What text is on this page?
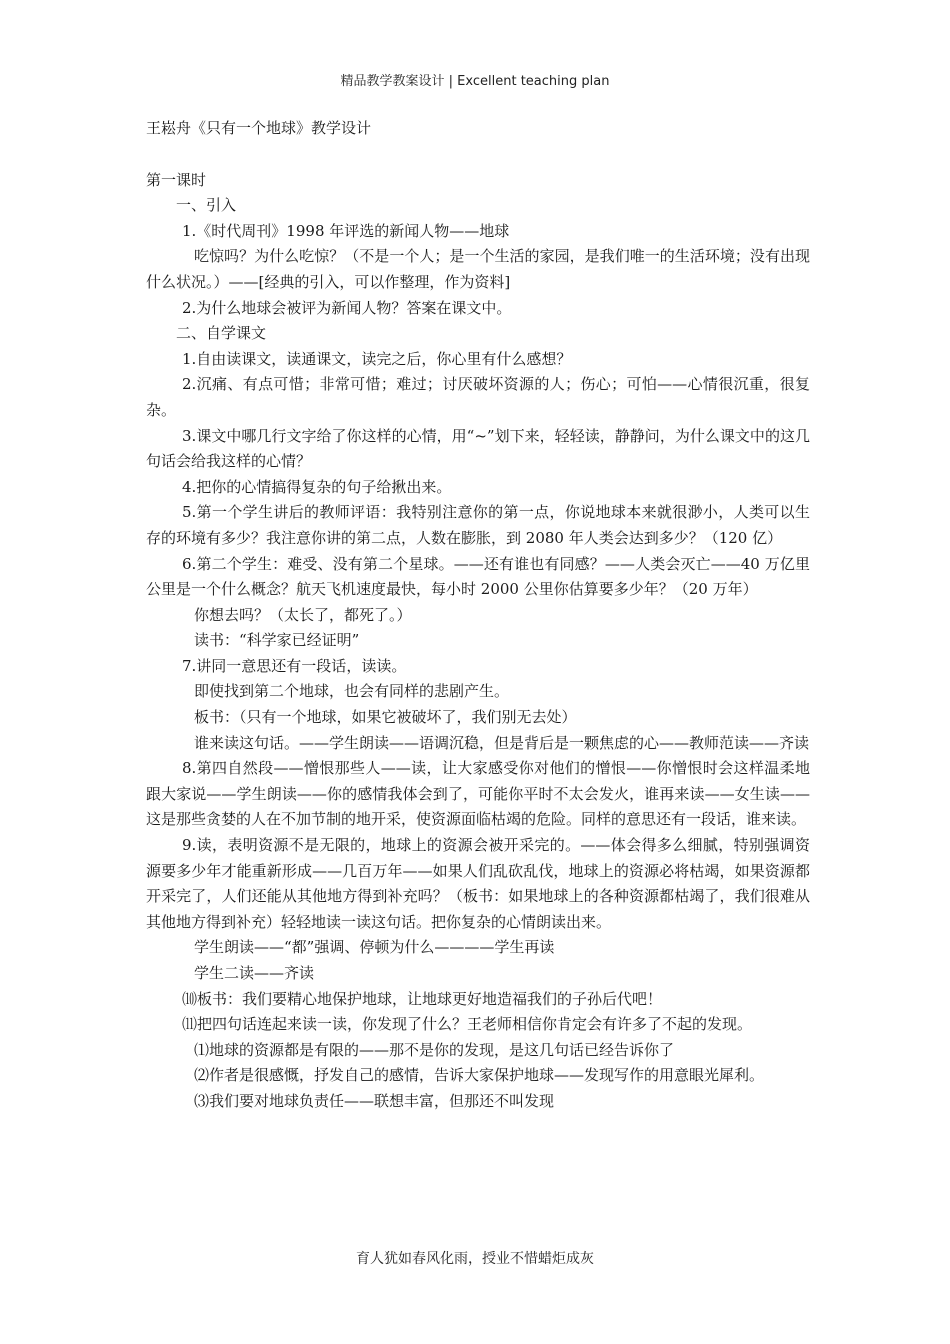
精品教学教案设计 | Excellent teaching plan

王崧舟《只有一个地球》教学设计

第一课时

一、引入

1.《时代周刊》1998 年评选的新闻人物——地球

吃惊吗？为什么吃惊？（不是一个人；是一个生活的家园，是我们唯一的生活环境；没有出现什么状况。）——[经典的引入，可以作整理，作为资料]

2.为什么地球会被评为新闻人物？答案在课文中。

二、自学课文

1.自由读课文，读通课文，读完之后，你心里有什么感想？

2.沉痛、有点可惜；非常可惜；难过；讨厌破坏资源的人；伤心；可怕——心情很沉重，很复杂。

3.课文中哪几行文字给了你这样的心情，用“~”划下来，轻轻读，静静问，为什么课文中的这几句话会给我这样的心情？

4.把你的心情搞得复杂的句子给揪出来。

5.第一个学生讲后的教师评语：我特别注意你的第一点，你说地球本来就很渺小，人类可以生存的环境有多少？我注意你讲的第二点，人数在膨胀，到 2080 年人类会达到多少？（120 亿）

6.第二个学生：难受、没有第二个星球。——还有谁也有同感？——人类会灭亡——40 万亿里公里是一个什么概念？航天飞机速度最快，每小时 2000 公里你估算要多少年？（20 万年）

你想去吗？（太长了，都死了。）

读书：“科学家已经证明”

7.讲同一意思还有一段话，读读。

即使找到第二个地球，也会有同样的悲剧产生。

板书：（只有一个地球，如果它被破坏了，我们别无去处）

谁来读这句话。——学生朗读——语调沉稳，但是背后是一颗焦虑的心——教师范读——齐读

8.第四自然段——憎恨那些人——读，让大家感受你对他们的憎恨——你憎恨时会这样温柔地跟大家说——学生朗读——你的感情我体会到了，可能你平时不太会发火，谁再来读——女生读——这是那些贪婪的人在不加节制的地开采，使资源面临枯竭的危险。同样的意思还有一段话，谁来读。

9.读，表明资源不是无限的，地球上的资源会被开采完的。——体会得多么细腻，特别强调资源要多少年才能重新形成——几百万年——如果人们乱砍乱伐，地球上的资源必将枯竭，如果资源都开采完了，人们还能从其他地方得到补充吗？（板书：如果地球上的各种资源都枯竭了，我们很难从其他地方得到补充）轻轻地读一读这句话。把你复杂的心情朗读出来。

学生朗读——“都”强调、停顿为什么————学生再读

学生二读——齐读

⑽板书：我们要精心地保护地球，让地球更好地造福我们的子孙后代吧！

⑾把四句话连起来读一读，你发现了什么？王老师相信你肯定会有许多了不起的发现。

⑴地球的资源都是有限的——那不是你的发现，是这几句话已经告诉你了

⑵作者是很感慨，抒发自己的感情，告诉大家保护地球——发现写作的用意眼光犀利。

⑶我们要对地球负责任——联想丰富，但那还不叫发现

育人犹如春风化雨，授业不惜蜡炬成灰
